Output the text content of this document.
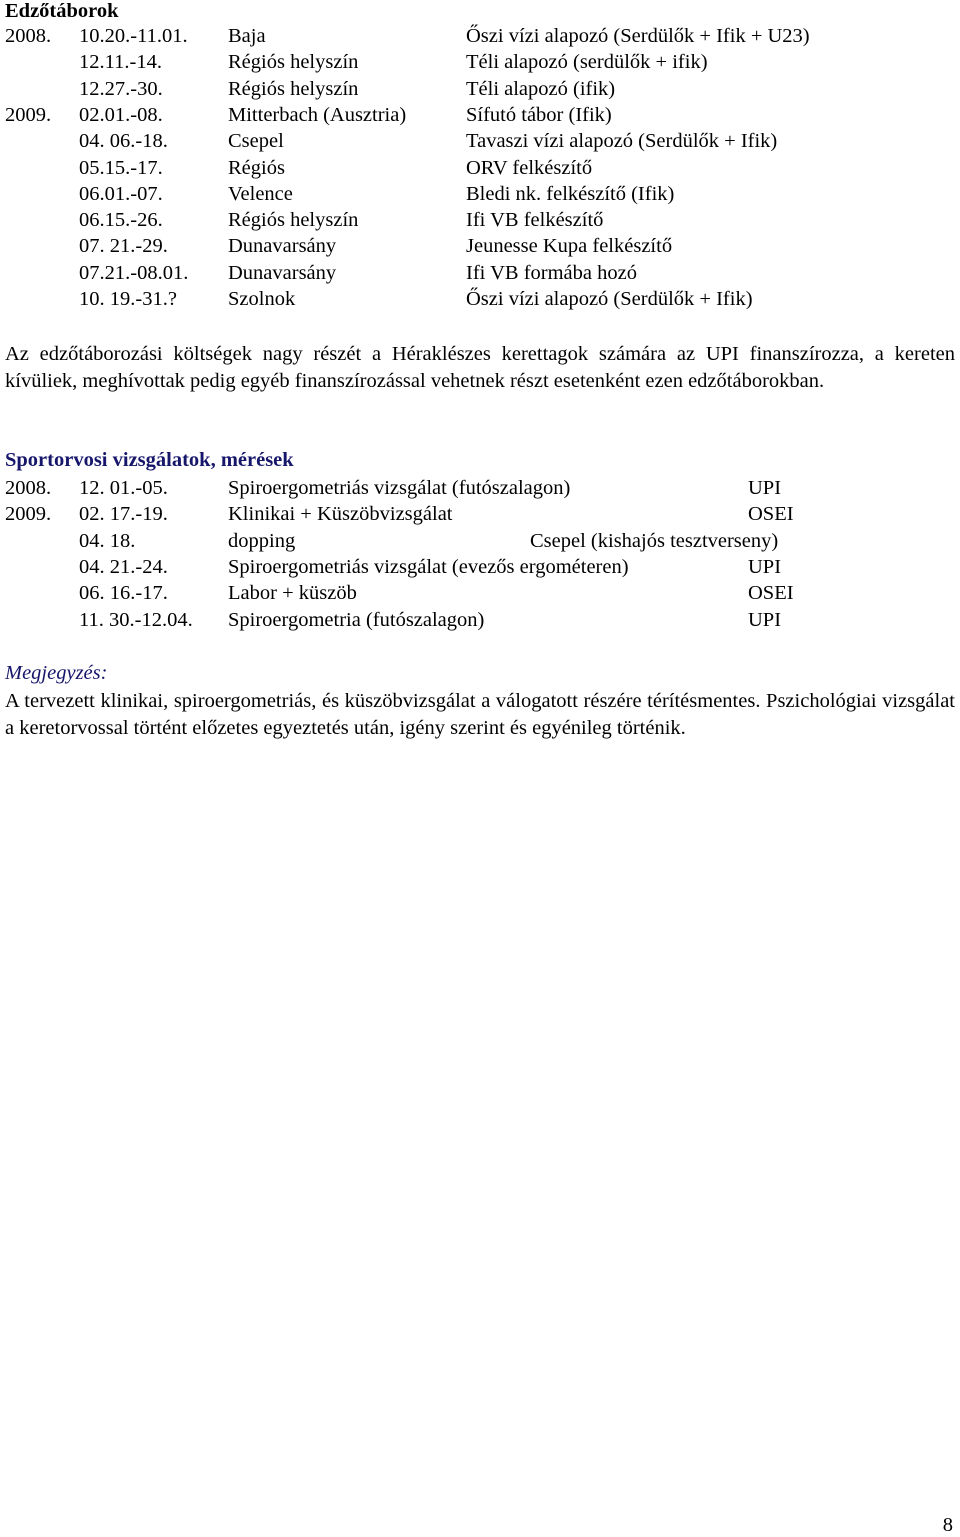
Edzőtáborok
2008. 10.20.-11.01. Baja	Őszi vízi alapozó (Serdülők + Ifik + U23)
12.11.-14.	Régiós helyszín	Téli alapozó (serdülők + ifik)
12.27.-30.	Régiós helyszín	Téli alapozó (ifik)
2009. 02.01.-08.	Mitterbach (Ausztria)	Sífutó tábor (Ifik)
04. 06.-18.	Csepel	Tavaszi vízi alapozó (Serdülők + Ifik)
05.15.-17.	Régiós	ORV felkészítő
06.01.-07.	Velence	Bledi nk. felkészítő (Ifik)
06.15.-26.	Régiós helyszín	Ifi VB felkészítő
07. 21.-29.	Dunavarsány	Jeunesse Kupa felkészítő
07.21.-08.01. Dunavarsány	Ifi VB formába hozó
10. 19.-31.? Szolnok	Őszi vízi alapozó (Serdülők + Ifik)

Az edzőtáborozási költségek nagy részét a Héraklészes kerettagok számára az UPI finanszírozza, a kereten kívüliek, meghívottak pedig egyéb finanszírozással vehetnek részt esetenként ezen edzőtáborokban.

Sportorvosi vizsgálatok, mérések
2008. 12. 01.-05.	Spiroergometriás vizsgálat (futószalagon)	UPI
2009. 02. 17.-19.	Klinikai + Küszöbvizsgálat	OSEI
04. 18.	dopping	Csepel (kishajós tesztverseny)
04. 21.-24.	Spiroergometriás vizsgálat (evezős ergométeren)	UPI
06. 16.-17.	Labor + küszöb	OSEI
11. 30.-12.04. Spiroergometria (futószalagon)	UPI
Megjegyzés:

A tervezett klinikai, spiroergometriás, és küszöbvizsgálat a válogatott részére térítésmentes. Pszichológiai vizsgálat a keretorvossal történt előzetes egyeztetés után, igény szerint és egyénileg történik.

8
